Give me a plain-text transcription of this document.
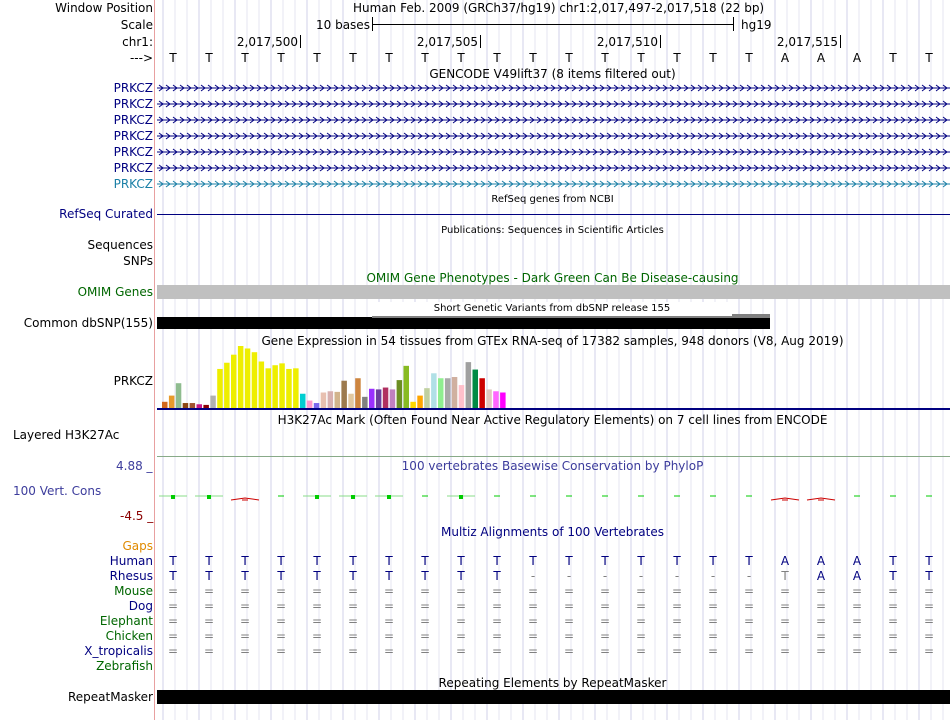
Window Position
Scale
chr1:
--->
Human Feb. 2009 (GRCh37/hg19) chr1:2,017,497-2,017,518 (22 bp)
10 bases	hg19
2,017,500	2,017,505	2,017,510	2,017,515
T T T T T T T T T T T T T T T T T A A A T T
GENCODE V49lift37 (8 items filtered out)
PRKCZ
PRKCZ
PRKCZ
PRKCZ
PRKCZ
PRKCZ
PRKCZ
RefSeq Curated
RefSeq genes from NCBI
Sequences
Publications: Sequences in Scientific Articles
SNPs
OMIM Gene Phenotypes - Dark Green Can Be Disease-causing
OMIM Genes
Common dbSNP(155)
Short Genetic Variants from dbSNP release 155
Gene Expression in 54 tissues from GTEx RNA-seq of 17382 samples, 948 donors (V8, Aug 2019)
PRKCZ
H3K27Ac Mark (Often Found Near Active Regulatory Elements) on 7 cell lines from ENCODE
Layered H3K27Ac
100 vertebrates Basewise Conservation by PhyloP
4.88 _
100 Vert. Cons
-4.5 _
Multiz Alignments of 100 Vertebrates
Gaps
Human T T T T T T T T T T T T T T T T T A A A T T
Rhesus T T T T T T T T T T	-	-	-	-	-	-	-	T A A T T
Mouse = = = = = = = = = = = = = = = = = = = = = =
Dog = = = = = = = = = = = = = = = = = = = = = =
Elephant = = = = = = = = = = = = = = = = = = = = = =
Chicken = = = = = = = = = = = = = = = = = = = = = =
X_tropicalis = = = = = = = = = = = = = = = = = = = = = =
Zebrafish
Repeating Elements by RepeatMasker
RepeatMasker
